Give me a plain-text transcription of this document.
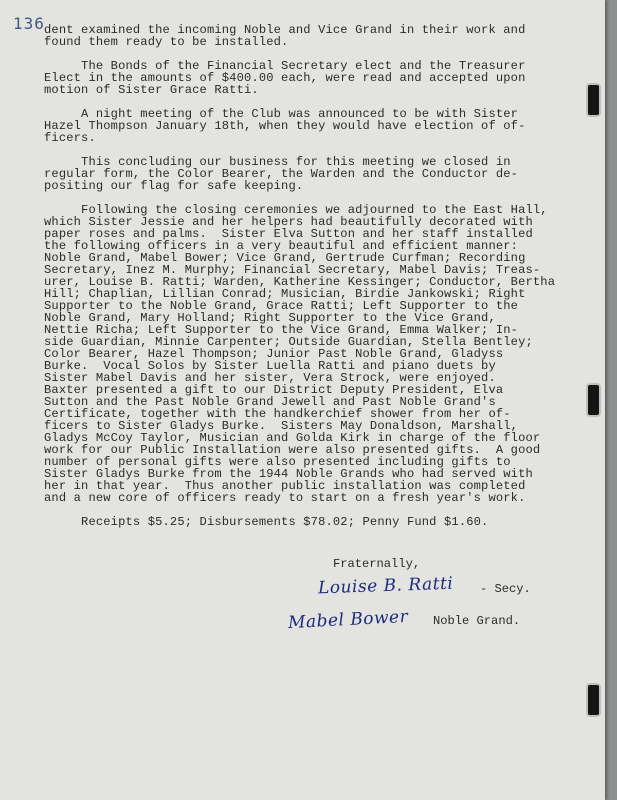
136 dent examined the incoming Noble and Vice Grand in their work and
found them ready to be installed.
The Bonds of the Financial Secretary elect and the Treasurer
Elect in the amounts of $400.00 each, were read and accepted upon
motion of Sister Grace Ratti.
A night meeting of the Club was announced to be with Sister
Hazel Thompson January 18th, when they would have election of of-
ficers.
This concluding our business for this meeting we closed in
regular form, the Color Bearer, the Warden and the Conductor de-
positing our flag for safe keeping.
Following the closing ceremonies we adjourned to the East Hall,
which Sister Jessie and her helpers had beautifully decorated with
paper roses and palms.  Sister Elva Sutton and her staff installed
the following officers in a very beautiful and efficient manner:
Noble Grand, Mabel Bower; Vice Grand, Gertrude Curfman; Recording
Secretary, Inez M. Murphy; Financial Secretary, Mabel Davis; Treas-
urer, Louise B. Ratti; Warden, Katherine Kessinger; Conductor, Bertha
Hill; Chaplian, Lillian Conrad; Musician, Birdie Jankowski; Right
Supporter to the Noble Grand, Grace Ratti; Left Supporter to the
Noble Grand, Mary Holland; Right Supporter to the Vice Grand,
Nettie Richa; Left Supporter to the Vice Grand, Emma Walker; In-
side Guardian, Minnie Carpenter; Outside Guardian, Stella Bentley;
Color Bearer, Hazel Thompson; Junior Past Noble Grand, Gladyss
Burke.  Vocal Solos by Sister Luella Ratti and piano duets by
Sister Mabel Davis and her sister, Vera Strock, were enjoyed.
Baxter presented a gift to our District Deputy President, Elva
Sutton and the Past Noble Grand Jewell and Past Noble Grand's
Certificate, together with the handkerchief shower from her of-
ficers to Sister Gladys Burke.  Sisters May Donaldson, Marshall,
Gladys McCoy Taylor, Musician and Golda Kirk in charge of the floor
work for our Public Installation were also presented gifts.  A good
number of personal gifts were also presented including gifts to
Sister Gladys Burke from the 1944 Noble Grands who had served with
her in that year.  Thus another public installation was completed
and a new core of officers ready to start on a fresh year's work.
Receipts $5.25; Disbursements $78.02; Penny Fund $1.60.
Fraternally,
Louise B. Ratti - Secy.
Mabel Bower Noble Grand.
